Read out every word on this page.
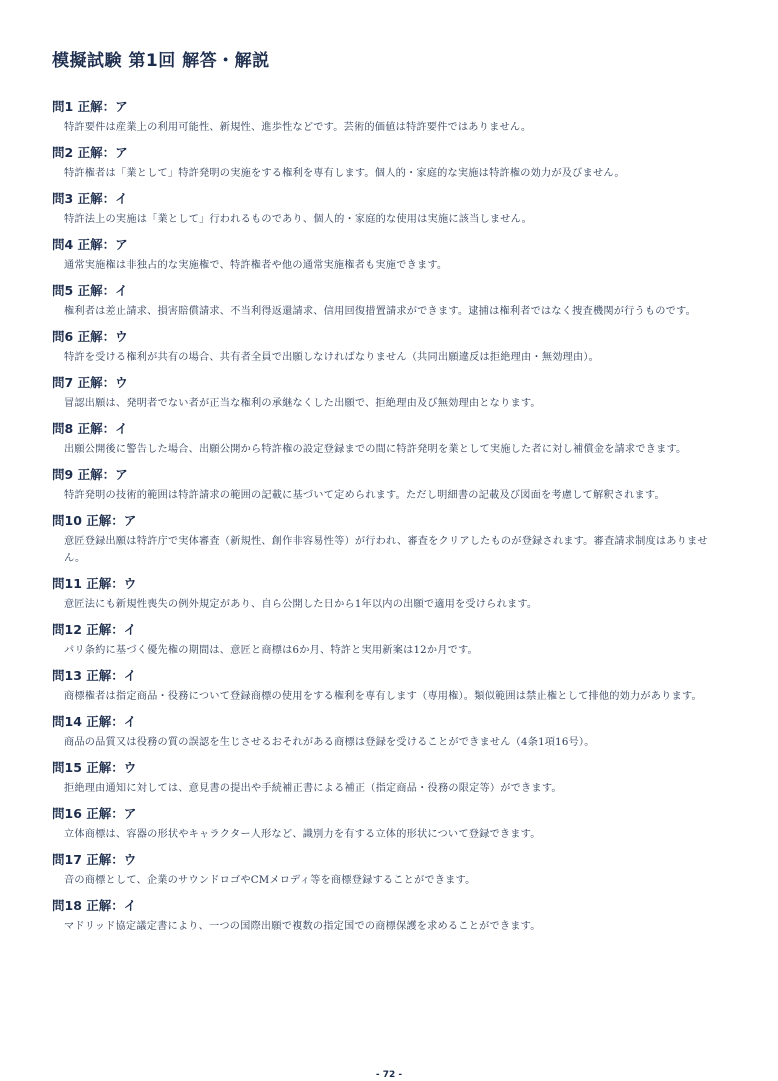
模擬試験 第1回 解答・解説
問1 正解：ア
特許要件は産業上の利用可能性、新規性、進歩性などです。芸術的価値は特許要件ではありません。
問2 正解：ア
特許権者は「業として」特許発明の実施をする権利を専有します。個人的・家庭的な実施は特許権の効力が及びません。
問3 正解：イ
特許法上の実施は「業として」行われるものであり、個人的・家庭的な使用は実施に該当しません。
問4 正解：ア
通常実施権は非独占的な実施権で、特許権者や他の通常実施権者も実施できます。
問5 正解：イ
権利者は差止請求、損害賠償請求、不当利得返還請求、信用回復措置請求ができます。逮捕は権利者ではなく捜査機関が行うものです。
問6 正解：ウ
特許を受ける権利が共有の場合、共有者全員で出願しなければなりません（共同出願違反は拒絶理由・無効理由）。
問7 正解：ウ
冒認出願は、発明者でない者が正当な権利の承継なくした出願で、拒絶理由及び無効理由となります。
問8 正解：イ
出願公開後に警告した場合、出願公開から特許権の設定登録までの間に特許発明を業として実施した者に対し補償金を請求できます。
問9 正解：ア
特許発明の技術的範囲は特許請求の範囲の記載に基づいて定められます。ただし明細書の記載及び図面を考慮して解釈されます。
問10 正解：ア
意匠登録出願は特許庁で実体審査（新規性、創作非容易性等）が行われ、審査をクリアしたものが登録されます。審査請求制度はありません。
問11 正解：ウ
意匠法にも新規性喪失の例外規定があり、自ら公開した日から1年以内の出願で適用を受けられます。
問12 正解：イ
パリ条約に基づく優先権の期間は、意匠と商標は6か月、特許と実用新案は12か月です。
問13 正解：イ
商標権者は指定商品・役務について登録商標の使用をする権利を専有します（専用権）。類似範囲は禁止権として排他的効力があります。
問14 正解：イ
商品の品質又は役務の質の誤認を生じさせるおそれがある商標は登録を受けることができません（4条1項16号）。
問15 正解：ウ
拒絶理由通知に対しては、意見書の提出や手続補正書による補正（指定商品・役務の限定等）ができます。
問16 正解：ア
立体商標は、容器の形状やキャラクター人形など、識別力を有する立体的形状について登録できます。
問17 正解：ウ
音の商標として、企業のサウンドロゴやCMメロディ等を商標登録することができます。
問18 正解：イ
マドリッド協定議定書により、一つの国際出願で複数の指定国での商標保護を求めることができます。
- 72 -
